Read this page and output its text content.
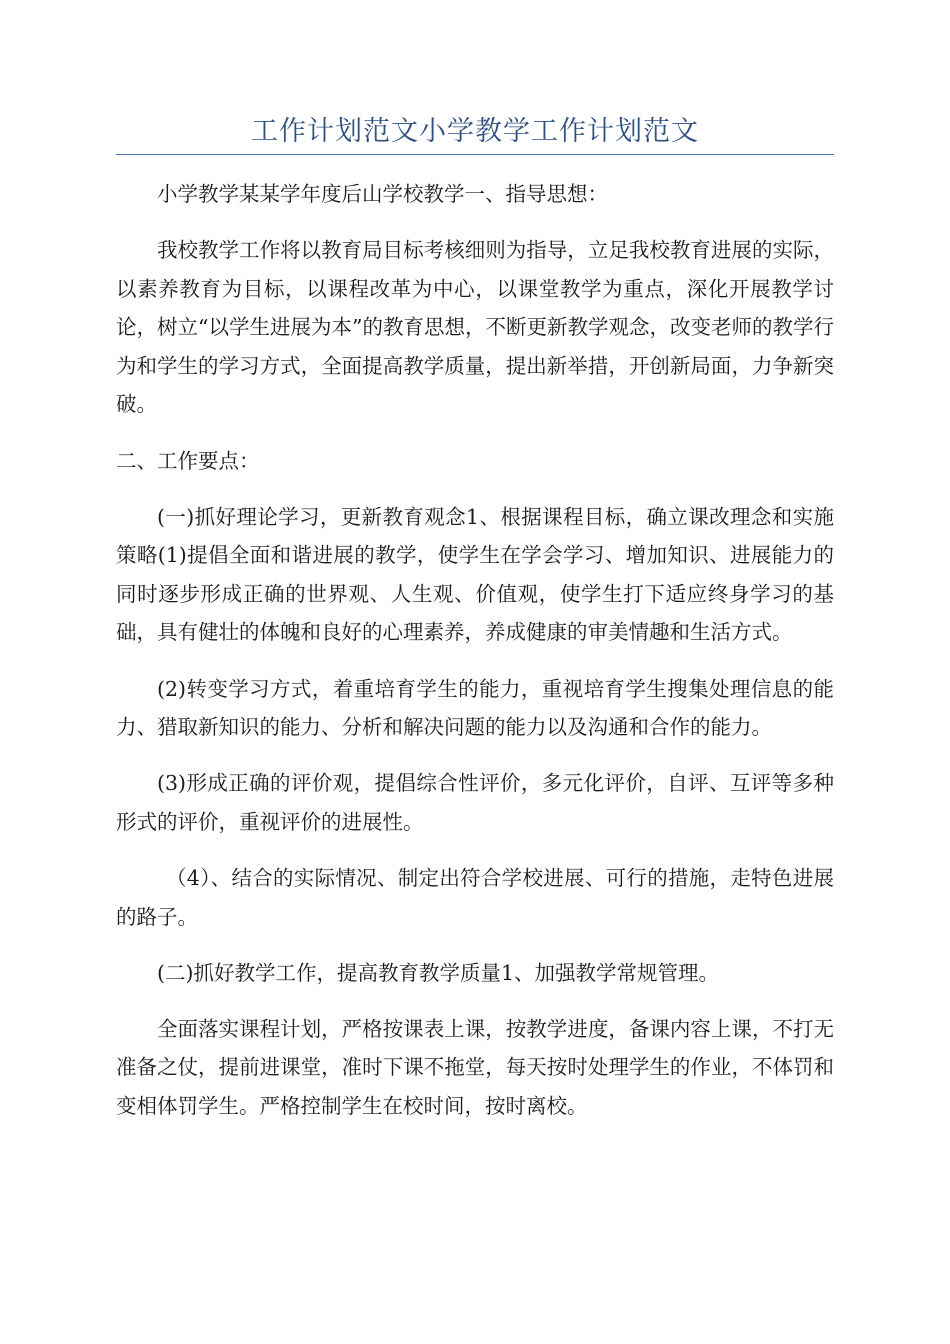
工作计划范文小学教学工作计划范文

小学教学某某学年度后山学校教学一、指导思想：

我校教学工作将以教育局目标考核细则为指导，立足我校教育进展的实际，以素养教育为目标，以课程改革为中心，以课堂教学为重点，深化开展教学讨论，树立“以学生进展为本”的教育思想，不断更新教学观念，改变老师的教学行为和学生的学习方式，全面提高教学质量，提出新举措，开创新局面，力争新突破。

二、工作要点：

(一)抓好理论学习，更新教育观念1、根据课程目标，确立课改理念和实施策略(1)提倡全面和谐进展的教学，使学生在学会学习、增加知识、进展能力的同时逐步形成正确的世界观、人生观、价值观，使学生打下适应终身学习的基础，具有健壮的体魄和良好的心理素养，养成健康的审美情趣和生活方式。

(2)转变学习方式，着重培育学生的能力，重视培育学生搜集处理信息的能力、猎取新知识的能力、分析和解决问题的能力以及沟通和合作的能力。

(3)形成正确的评价观，提倡综合性评价，多元化评价，自评、互评等多种形式的评价，重视评价的进展性。

（4）、结合的实际情况、制定出符合学校进展、可行的措施，走特色进展的路子。

(二)抓好教学工作，提高教育教学质量1、加强教学常规管理。

全面落实课程计划，严格按课表上课，按教学进度，备课内容上课，不打无准备之仗，提前进课堂，准时下课不拖堂，每天按时处理学生的作业，不体罚和变相体罚学生。严格控制学生在校时间，按时离校。
